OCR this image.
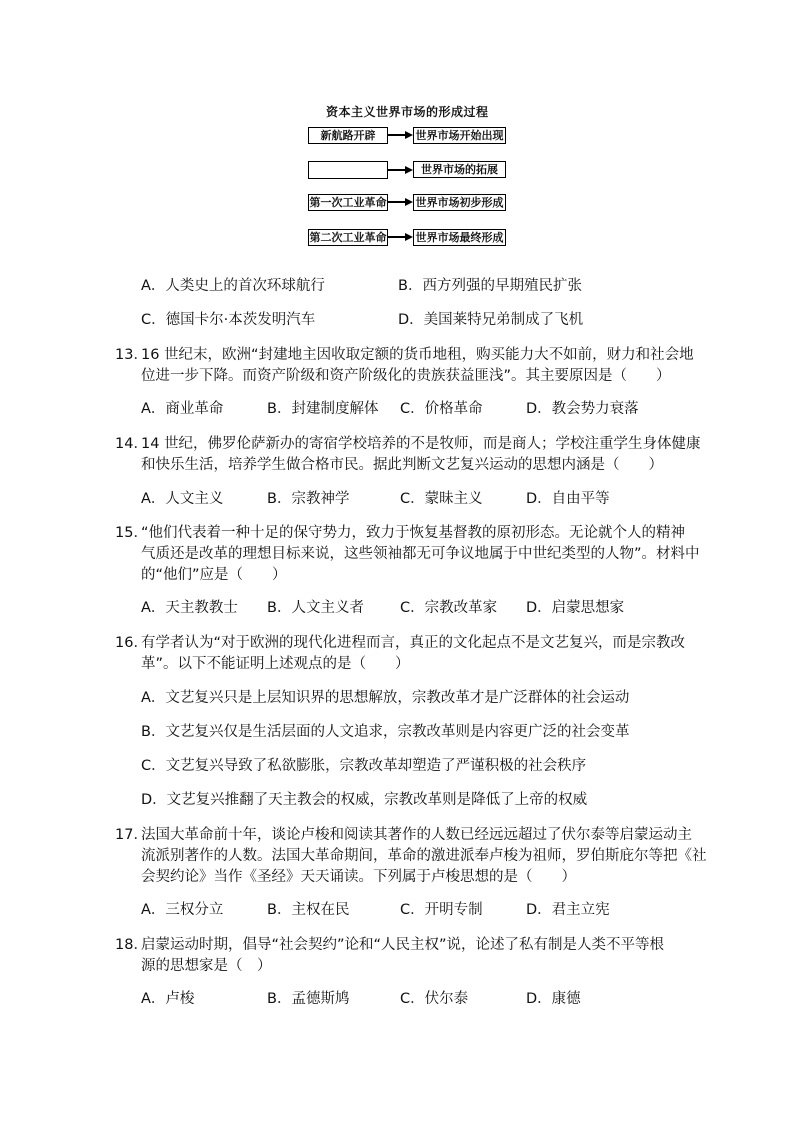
资本主义世界市场的形成过程
新航路开辟	世界市场开始出现
世界市场的拓展
第一次工业革命	世界市场初步形成
第二次工业革命	世界市场最终形成
A．人类史上的首次环球航行	B．西方列强的早期殖民扩张
C．德国卡尔·本茨发明汽车	D．美国莱特兄弟制成了飞机
13．
16 世纪末，欧洲“封建地主因收取定额的货币地租，购买能力大不如前，财力和社会地
位进一步下降。而资产阶级和资产阶级化的贵族获益匪浅”。其主要原因是（　　）
A．商业革命	B．封建制度解体 C．价格革命	D．教会势力衰落
14．
14 世纪，佛罗伦萨新办的寄宿学校培养的不是牧师，而是商人；学校注重学生身体健康
和快乐生活，培养学生做合格市民。据此判断文艺复兴运动的思想内涵是（　　）
A．人文主义	B．宗教神学	C．蒙昧主义	D．自由平等
15．
“他们代表着一种十足的保守势力，致力于恢复基督教的原初形态。无论就个人的精神
气质还是改革的理想目标来说，这些领袖都无可争议地属于中世纪类型的人物”。材料中
的“他们”应是（　　）
A．天主教教士 B．人文主义者 C．宗教改革家 D．启蒙思想家
16．
有学者认为“对于欧洲的现代化进程而言，真正的文化起点不是文艺复兴，而是宗教改
革”。以下不能证明上述观点的是（　　）
A．文艺复兴只是上层知识界的思想解放，宗教改革才是广泛群体的社会运动
B．文艺复兴仅是生活层面的人文追求，宗教改革则是内容更广泛的社会变革
C．文艺复兴导致了私欲膨胀，宗教改革却塑造了严谨积极的社会秩序
D．文艺复兴推翻了天主教会的权威，宗教改革则是降低了上帝的权威
17．
法国大革命前十年，谈论卢梭和阅读其著作的人数已经远远超过了伏尔泰等启蒙运动主
流派别著作的人数。法国大革命期间，革命的激进派奉卢梭为祖师，罗伯斯庇尔等把《社
会契约论》当作《圣经》天天诵读。下列属于卢梭思想的是（　　）
A．三权分立	B．主权在民	C．开明专制	D．君主立宪
18．
启蒙运动时期，倡导“社会契约”论和“人民主权”说，论述了私有制是人类不平等根
源的思想家是（　）
A．卢梭	B．孟德斯鸠	C．伏尔泰	D．康德
